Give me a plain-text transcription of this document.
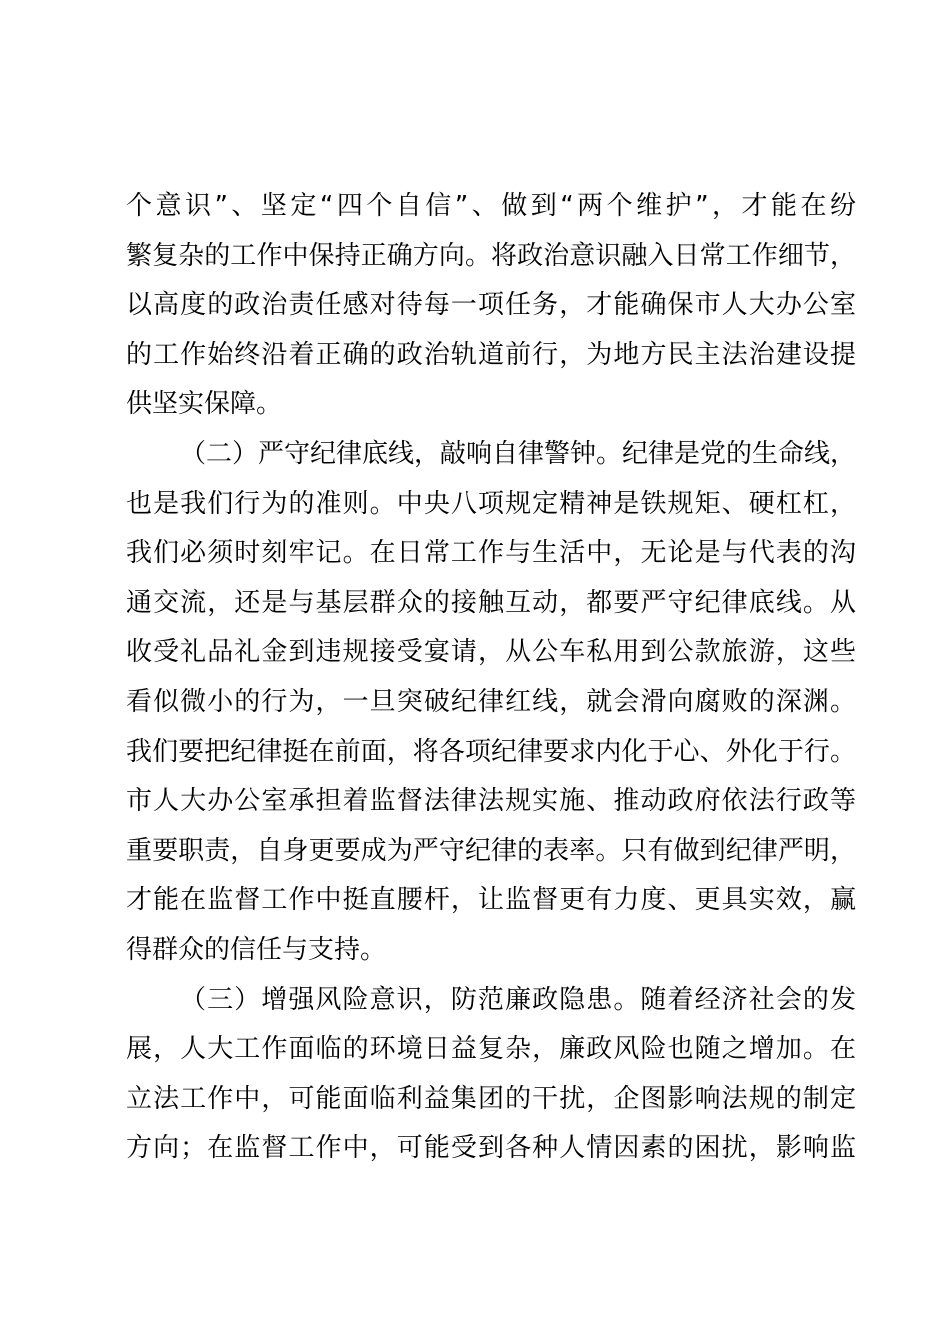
个意识”、坚定“四个自信”、做到“两个维护”，才能在纷
繁复杂的工作中保持正确方向。将政治意识融入日常工作细节，
以高度的政治责任感对待每一项任务，才能确保市人大办公室
的工作始终沿着正确的政治轨道前行，为地方民主法治建设提
供坚实保障。
（二）严守纪律底线，敲响自律警钟。纪律是党的生命线，
也是我们行为的准则。中央八项规定精神是铁规矩、硬杠杠，
我们必须时刻牢记。在日常工作与生活中，无论是与代表的沟
通交流，还是与基层群众的接触互动，都要严守纪律底线。从
收受礼品礼金到违规接受宴请，从公车私用到公款旅游，这些
看似微小的行为，一旦突破纪律红线，就会滑向腐败的深渊。
我们要把纪律挺在前面，将各项纪律要求内化于心、外化于行。
市人大办公室承担着监督法律法规实施、推动政府依法行政等
重要职责，自身更要成为严守纪律的表率。只有做到纪律严明，
才能在监督工作中挺直腰杆，让监督更有力度、更具实效，赢
得群众的信任与支持。
（三）增强风险意识，防范廉政隐患。随着经济社会的发
展，人大工作面临的环境日益复杂，廉政风险也随之增加。在
立法工作中，可能面临利益集团的干扰，企图影响法规的制定
方向；在监督工作中，可能受到各种人情因素的困扰，影响监
